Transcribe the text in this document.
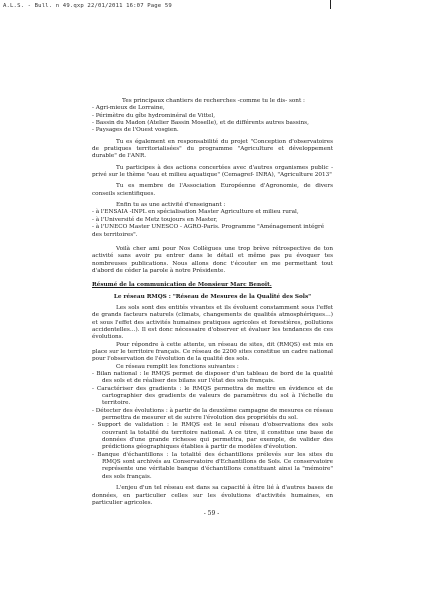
A.L.S. - Bull. n 49.qxp 22/01/2011 16:07 Page 59

Tes principaux chantiers de recherches -comme tu le dis- sont :

- Agri-mieux de Lorraine,

- Périmètre du gîte hydrominéral de Vittel,

- Bassin du Madon (Atelier Bassin Moselle), et de différents autres bassins,

- Paysages de l'Ouest vosgien.

Tu es également en responsabilité du projet "Conception d'observatoires de pratiques territorialisées" du programme "Agriculture et développement durable" de l'ANR.

Tu participes à des actions concertées avec d'autres organismes public - privé sur le thème "eau et milieu aquatique" (Cemagref- INRA), "Agriculture 2013"

Tu es membre de l'Association Européenne d'Agronomie, de divers conseils scientifiques.

Enfin tu as une activité d'enseignant :

- à l'ENSAIA -INPL en spécialisation Master Agriculture et milieu rural,

- à l'Université de Metz toujours en Master,

- à l'UNECO Master UNESCO - AGRO-Paris. Programme "Aménagement intégré des territoires".

Voilà cher ami pour Nos Collègues une trop brève rétrospective de ton activité sans avoir pu entrer dans le détail et même pas pu évoquer tes nombreuses publications. Nous allons donc t'écouter en me permettant tout d'abord de céder la parole à notre Présidente.

Résumé de la communication de Monsieur Marc Benoît.

Le réseau RMQS : "Réseau de Mesures de la Qualité des Sols"

Les sols sont des entités vivantes et ils évoluent constamment sous l'effet de grands facteurs naturels (climats, changements de qualités atmosphériques…) et sous l'effet des activités humaines pratiques agricoles et forestières, pollutions accidentelles…). Il est donc nécessaire d'observer et évaluer les tendances de ces évolutions.

Pour répondre à cette attente, un réseau de sites, dit (RMQS) est mis en place sur le territoire français. Ce réseau de 2200 sites constitue un cadre national pour l'observation de l'évolution de la qualité des sols.

Ce réseau remplit les fonctions suivantes :

- Bilan national : le RMQS permet de disposer d'un tableau de bord de la qualité des sols et de réaliser des bilans sur l'état des sols français.

- Caractériser des gradients : le RMQS permettra de mettre en évidence et de cartographier des gradients de valeurs de paramètres du sol à l'échelle du territoire.

- Détecter des évolutions : à partir de la deuxième campagne de mesures ce réseau permettra de mesurer et de suivre l'évolution des propriétés du sol.

- Support de validation : le RMQS est le seul réseau d'observations des sols couvrant la totalité du territoire national. A ce titre, il constitue une base de données d'une grande richesse qui permettra, par exemple, de valider des prédictions géographiques établies à partir de modèles d'évolution.

- Banque d'échantillons : la totalité des échantillons prélevés sur les sites du RMQS sont archivés au Conservatoire d'Echantillons de Sols. Ce conservatoire représente une véritable banque d'échantillons constituant ainsi la "mémoire" des sols français.

L'enjeu d'un tel réseau est dans sa capacité à être lié à d'autres bases de données, en particulier celles sur les évolutions d'activités humaines, en particulier agricoles.

- 59 -
